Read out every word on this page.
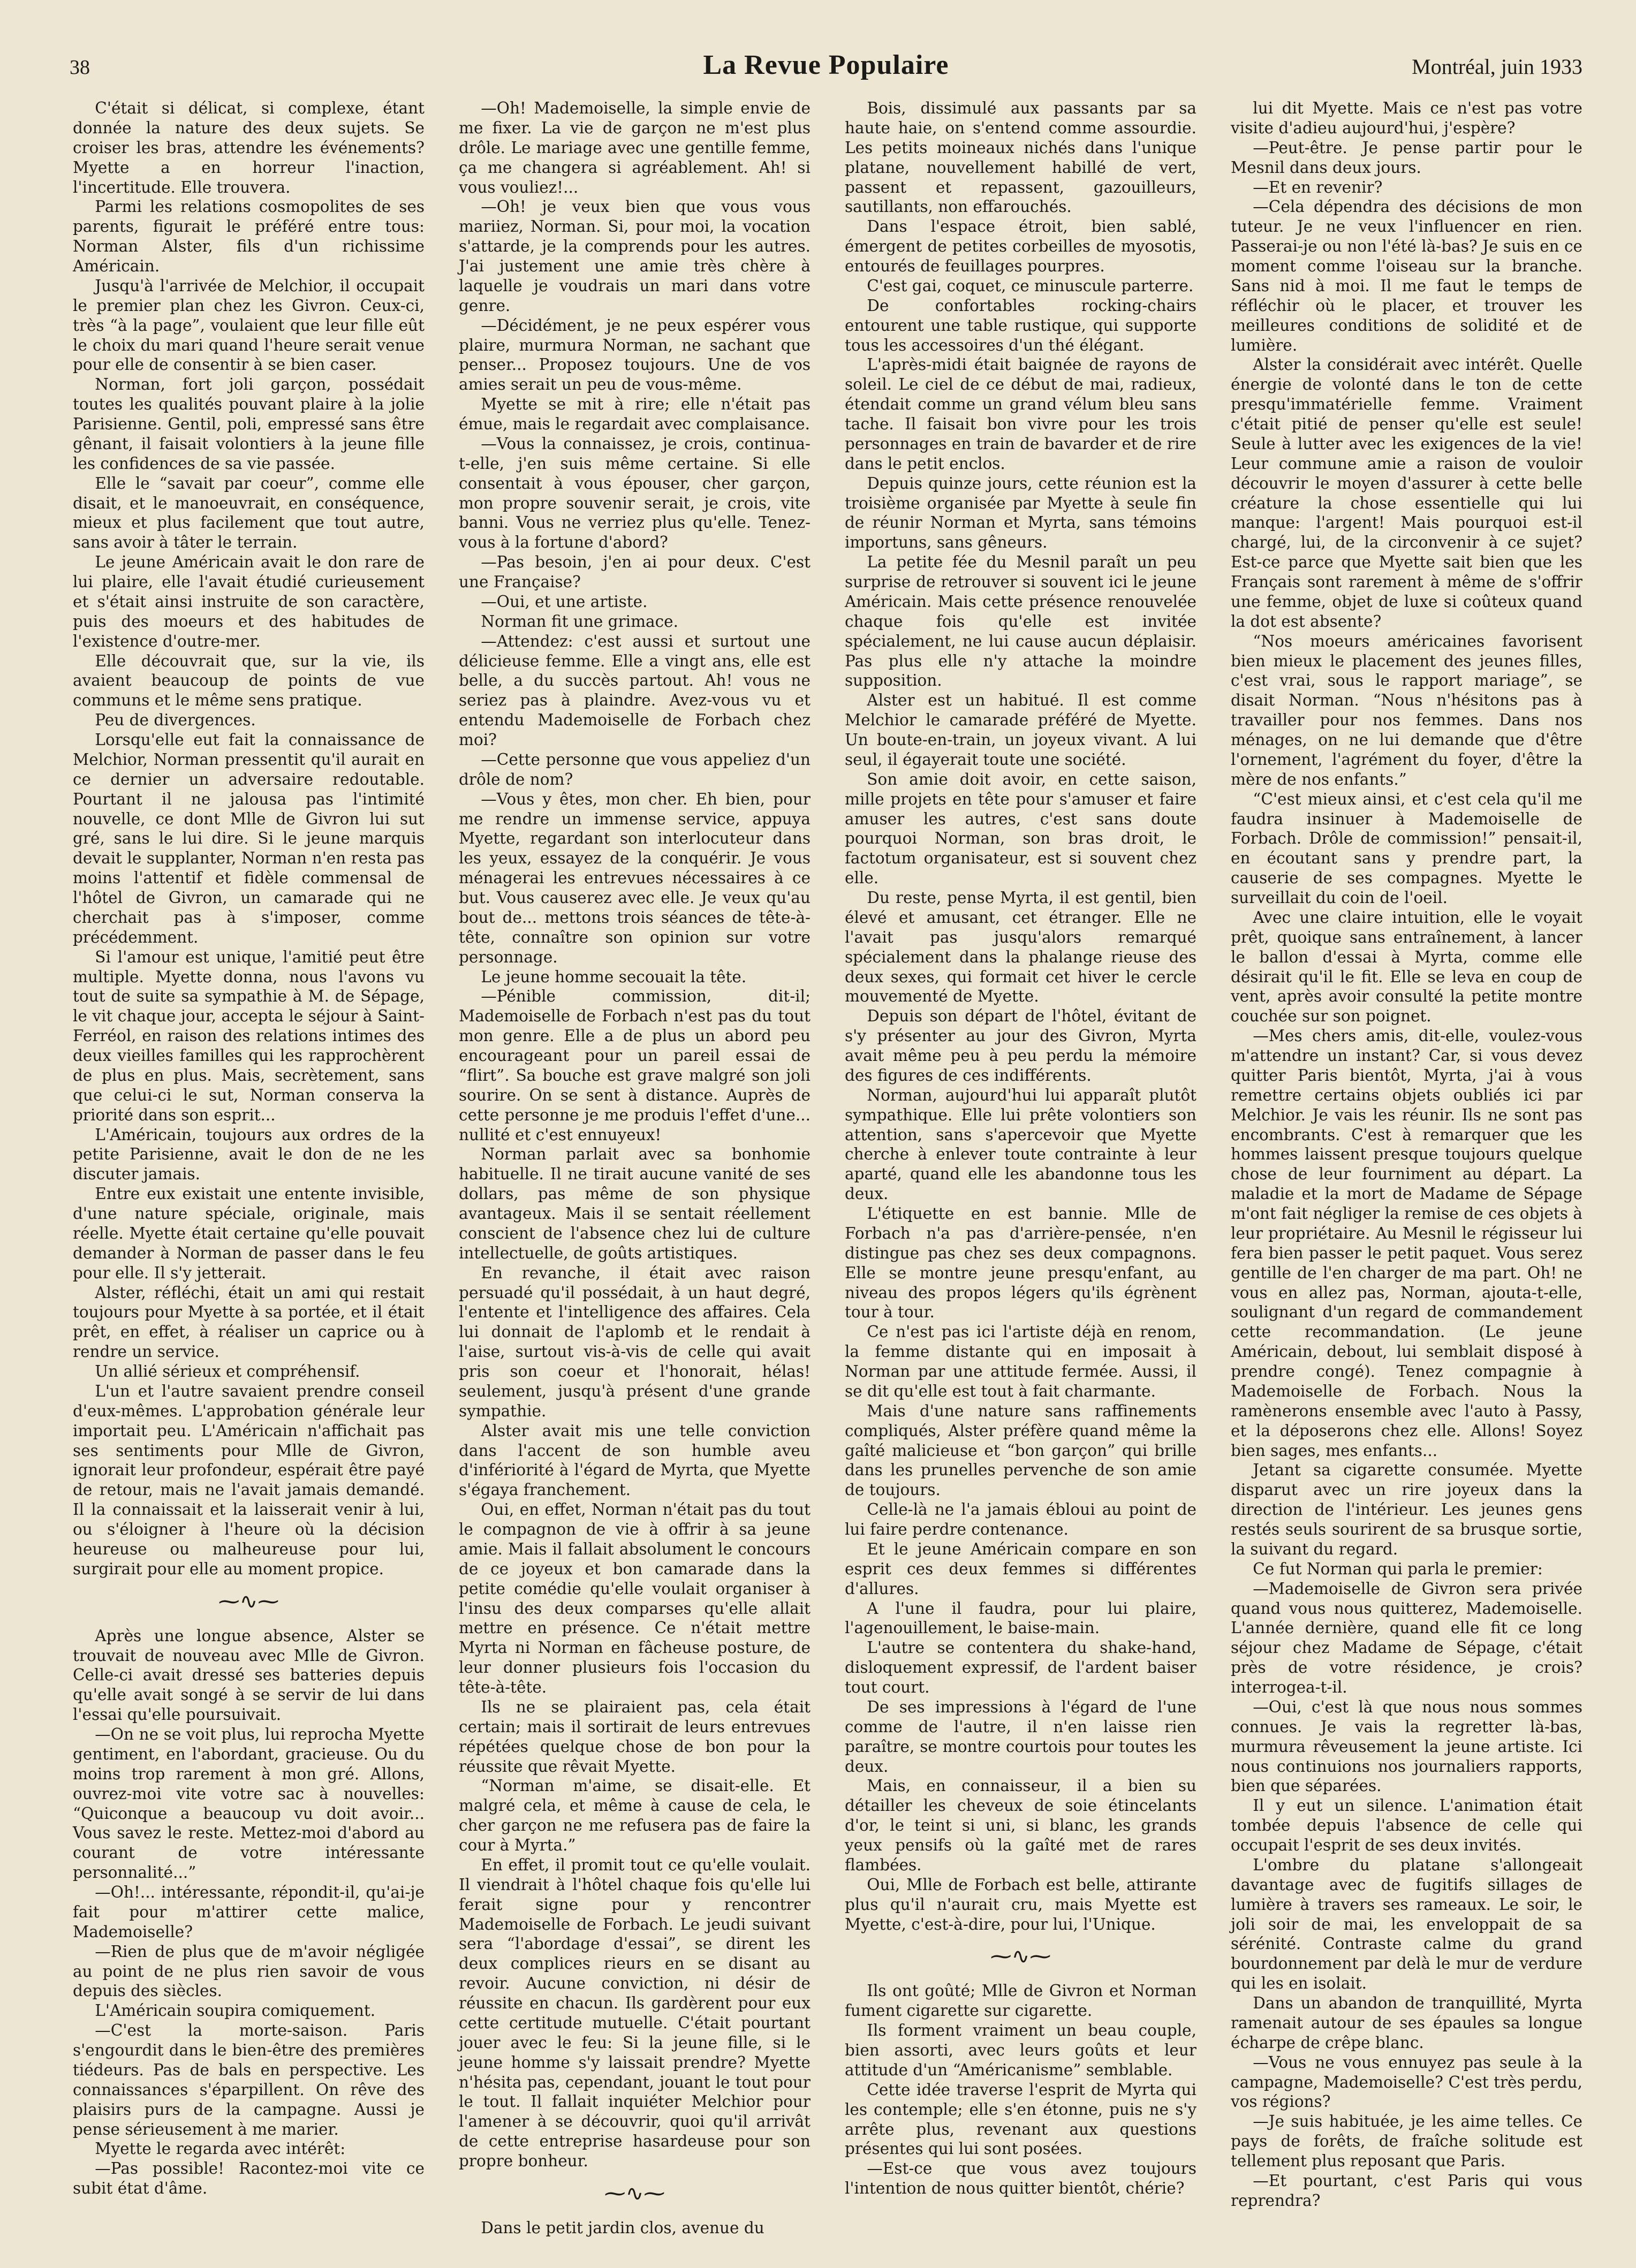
38	La Revue Populaire	Montréal, juin 1933

C'était si délicat, si complexe, étant donnée la nature des deux sujets. Se croiser les bras, attendre les événements? Myette a en horreur l'inaction, l'incertitude. Elle trouvera.

Parmi les relations cosmopolites de ses parents, figurait le préféré entre tous: Norman Alster, fils d'un richissime Américain.

Jusqu'à l'arrivée de Melchior, il occupait le premier plan chez les Givron. Ceux-ci, très “à la page”, voulaient que leur fille eût le choix du mari quand l'heure serait venue pour elle de consentir à se bien caser.

Norman, fort joli garçon, possédait toutes les qualités pouvant plaire à la jolie Parisienne. Gentil, poli, empressé sans être gênant, il faisait volontiers à la jeune fille les confidences de sa vie passée.

Elle le “savait par coeur”, comme elle disait, et le manoeuvrait, en conséquence, mieux et plus facilement que tout autre, sans avoir à tâter le terrain.

Le jeune Américain avait le don rare de lui plaire, elle l'avait étudié curieusement et s'était ainsi instruite de son caractère, puis des moeurs et des habitudes de l'existence d'outre-mer.

Elle découvrait que, sur la vie, ils avaient beaucoup de points de vue communs et le même sens pratique.

Peu de divergences.

Lorsqu'elle eut fait la connaissance de Melchior, Norman pressentit qu'il aurait en ce dernier un adversaire redoutable. Pourtant il ne jalousa pas l'intimité nouvelle, ce dont Mlle de Givron lui sut gré, sans le lui dire. Si le jeune marquis devait le supplanter, Norman n'en resta pas moins l'attentif et fidèle commensal de l'hôtel de Givron, un camarade qui ne cherchait pas à s'imposer, comme précédemment.

Si l'amour est unique, l'amitié peut être multiple. Myette donna, nous l'avons vu tout de suite sa sympathie à M. de Sépage, le vit chaque jour, accepta le séjour à Saint-Ferréol, en raison des relations intimes des deux vieilles familles qui les rapprochèrent de plus en plus. Mais, secrètement, sans que celui-ci le sut, Norman conserva la priorité dans son esprit...

L'Américain, toujours aux ordres de la petite Parisienne, avait le don de ne les discuter jamais.

Entre eux existait une entente invisible, d'une nature spéciale, originale, mais réelle. Myette était certaine qu'elle pouvait demander à Norman de passer dans le feu pour elle. Il s'y jetterait.

Alster, réfléchi, était un ami qui restait toujours pour Myette à sa portée, et il était prêt, en effet, à réaliser un caprice ou à rendre un service.

Un allié sérieux et compréhensif.

L'un et l'autre savaient prendre conseil d'eux-mêmes. L'approbation générale leur importait peu. L'Américain n'affichait pas ses sentiments pour Mlle de Givron, ignorait leur profondeur, espérait être payé de retour, mais ne l'avait jamais demandé. Il la connaissait et la laisserait venir à lui, ou s'éloigner à l'heure où la décision heureuse ou malheureuse pour lui, surgirait pour elle au moment propice.

⁓∿⁓

Après une longue absence, Alster se trouvait de nouveau avec Mlle de Givron. Celle-ci avait dressé ses batteries depuis qu'elle avait songé à se servir de lui dans l'essai qu'elle poursuivait.

—On ne se voit plus, lui reprocha Myette gentiment, en l'abordant, gracieuse. Ou du moins trop rarement à mon gré. Allons, ouvrez-moi vite votre sac à nouvelles: “Quiconque a beaucoup vu doit avoir... Vous savez le reste. Mettez-moi d'abord au courant de votre intéressante personnalité...”

—Oh!... intéressante, répondit-il, qu'ai-je fait pour m'attirer cette malice, Mademoiselle?

—Rien de plus que de m'avoir négligée au point de ne plus rien savoir de vous depuis des siècles.

L'Américain soupira comiquement.

—C'est la morte-saison. Paris s'engourdit dans le bien-être des premières tiédeurs. Pas de bals en perspective. Les connaissances s'éparpillent. On rêve des plaisirs purs de la campagne. Aussi je pense sérieusement à me marier.

Myette le regarda avec intérêt:

—Pas possible! Racontez-moi vite ce subit état d'âme.

—Oh! Mademoiselle, la simple envie de me fixer. La vie de garçon ne m'est plus drôle. Le mariage avec une gentille femme, ça me changera si agréablement. Ah! si vous vouliez!...

—Oh! je veux bien que vous vous mariiez, Norman. Si, pour moi, la vocation s'attarde, je la comprends pour les autres. J'ai justement une amie très chère à laquelle je voudrais un mari dans votre genre.

—Décidément, je ne peux espérer vous plaire, murmura Norman, ne sachant que penser... Proposez toujours. Une de vos amies serait un peu de vous-même.

Myette se mit à rire; elle n'était pas émue, mais le regardait avec complaisance.

—Vous la connaissez, je crois, continua-t-elle, j'en suis même certaine. Si elle consentait à vous épouser, cher garçon, mon propre souvenir serait, je crois, vite banni. Vous ne verriez plus qu'elle. Tenez-vous à la fortune d'abord?

—Pas besoin, j'en ai pour deux. C'est une Française?

—Oui, et une artiste.

Norman fit une grimace.

—Attendez: c'est aussi et surtout une délicieuse femme. Elle a vingt ans, elle est belle, a du succès partout. Ah! vous ne seriez pas à plaindre. Avez-vous vu et entendu Mademoiselle de Forbach chez moi?

—Cette personne que vous appeliez d'un drôle de nom?

—Vous y êtes, mon cher. Eh bien, pour me rendre un immense service, appuya Myette, regardant son interlocuteur dans les yeux, essayez de la conquérir. Je vous ménagerai les entrevues nécessaires à ce but. Vous causerez avec elle. Je veux qu'au bout de... mettons trois séances de tête-à-tête, connaître son opinion sur votre personnage.

Le jeune homme secouait la tête.

—Pénible commission, dit-il; Mademoiselle de Forbach n'est pas du tout mon genre. Elle a de plus un abord peu encourageant pour un pareil essai de “flirt”. Sa bouche est grave malgré son joli sourire. On se sent à distance. Auprès de cette personne je me produis l'effet d'une... nullité et c'est ennuyeux!

Norman parlait avec sa bonhomie habituelle. Il ne tirait aucune vanité de ses dollars, pas même de son physique avantageux. Mais il se sentait réellement conscient de l'absence chez lui de culture intellectuelle, de goûts artistiques.

En revanche, il était avec raison persuadé qu'il possédait, à un haut degré, l'entente et l'intelligence des affaires. Cela lui donnait de l'aplomb et le rendait à l'aise, surtout vis-à-vis de celle qui avait pris son coeur et l'honorait, hélas! seulement, jusqu'à présent d'une grande sympathie.

Alster avait mis une telle conviction dans l'accent de son humble aveu d'infériorité à l'égard de Myrta, que Myette s'égaya franchement.

Oui, en effet, Norman n'était pas du tout le compagnon de vie à offrir à sa jeune amie. Mais il fallait absolument le concours de ce joyeux et bon camarade dans la petite comédie qu'elle voulait organiser à l'insu des deux comparses qu'elle allait mettre en présence. Ce n'était mettre Myrta ni Norman en fâcheuse posture, de leur donner plusieurs fois l'occasion du tête-à-tête.

Ils ne se plairaient pas, cela était certain; mais il sortirait de leurs entrevues répétées quelque chose de bon pour la réussite que rêvait Myette.

“Norman m'aime, se disait-elle. Et malgré cela, et même à cause de cela, le cher garçon ne me refusera pas de faire la cour à Myrta.”

En effet, il promit tout ce qu'elle voulait. Il viendrait à l'hôtel chaque fois qu'elle lui ferait signe pour y rencontrer Mademoiselle de Forbach. Le jeudi suivant sera “l'abordage d'essai”, se dirent les deux complices rieurs en se disant au revoir. Aucune conviction, ni désir de réussite en chacun. Ils gardèrent pour eux cette certitude mutuelle. C'était pourtant jouer avec le feu: Si la jeune fille, si le jeune homme s'y laissait prendre? Myette n'hésita pas, cependant, jouant le tout pour le tout. Il fallait inquiéter Melchior pour l'amener à se découvrir, quoi qu'il arrivât de cette entreprise hasardeuse pour son propre bonheur.

⁓∿⁓

Dans le petit jardin clos, avenue du

Bois, dissimulé aux passants par sa haute haie, on s'entend comme assourdie. Les petits moineaux nichés dans l'unique platane, nouvellement habillé de vert, passent et repassent, gazouilleurs, sautillants, non effarouchés.

Dans l'espace étroit, bien sablé, émergent de petites corbeilles de myosotis, entourés de feuillages pourpres.

C'est gai, coquet, ce minuscule parterre.

De confortables rocking-chairs entourent une table rustique, qui supporte tous les accessoires d'un thé élégant.

L'après-midi était baignée de rayons de soleil. Le ciel de ce début de mai, radieux, étendait comme un grand vélum bleu sans tache. Il faisait bon vivre pour les trois personnages en train de bavarder et de rire dans le petit enclos.

Depuis quinze jours, cette réunion est la troisième organisée par Myette à seule fin de réunir Norman et Myrta, sans témoins importuns, sans gêneurs.

La petite fée du Mesnil paraît un peu surprise de retrouver si souvent ici le jeune Américain. Mais cette présence renouvelée chaque fois qu'elle est invitée spécialement, ne lui cause aucun déplaisir. Pas plus elle n'y attache la moindre supposition.

Alster est un habitué. Il est comme Melchior le camarade préféré de Myette. Un boute-en-train, un joyeux vivant. A lui seul, il égayerait toute une société.

Son amie doit avoir, en cette saison, mille projets en tête pour s'amuser et faire amuser les autres, c'est sans doute pourquoi Norman, son bras droit, le factotum organisateur, est si souvent chez elle.

Du reste, pense Myrta, il est gentil, bien élevé et amusant, cet étranger. Elle ne l'avait pas jusqu'alors remarqué spécialement dans la phalange rieuse des deux sexes, qui formait cet hiver le cercle mouvementé de Myette.

Depuis son départ de l'hôtel, évitant de s'y présenter au jour des Givron, Myrta avait même peu à peu perdu la mémoire des figures de ces indifférents.

Norman, aujourd'hui lui apparaît plutôt sympathique. Elle lui prête volontiers son attention, sans s'apercevoir que Myette cherche à enlever toute contrainte à leur aparté, quand elle les abandonne tous les deux.

L'étiquette en est bannie. Mlle de Forbach n'a pas d'arrière-pensée, n'en distingue pas chez ses deux compagnons. Elle se montre jeune presqu'enfant, au niveau des propos légers qu'ils égrènent tour à tour.

Ce n'est pas ici l'artiste déjà en renom, la femme distante qui en imposait à Norman par une attitude fermée. Aussi, il se dit qu'elle est tout à fait charmante.

Mais d'une nature sans raffinements compliqués, Alster préfère quand même la gaîté malicieuse et “bon garçon” qui brille dans les prunelles pervenche de son amie de toujours.

Celle-là ne l'a jamais ébloui au point de lui faire perdre contenance.

Et le jeune Américain compare en son esprit ces deux femmes si différentes d'allures.

A l'une il faudra, pour lui plaire, l'agenouillement, le baise-main.

L'autre se contentera du shake-hand, disloquement expressif, de l'ardent baiser tout court.

De ses impressions à l'égard de l'une comme de l'autre, il n'en laisse rien paraître, se montre courtois pour toutes les deux.

Mais, en connaisseur, il a bien su détailler les cheveux de soie étincelants d'or, le teint si uni, si blanc, les grands yeux pensifs où la gaîté met de rares flambées.

Oui, Mlle de Forbach est belle, attirante plus qu'il n'aurait cru, mais Myette est Myette, c'est-à-dire, pour lui, l'Unique.

⁓∿⁓

Ils ont goûté; Mlle de Givron et Norman fument cigarette sur cigarette.

Ils forment vraiment un beau couple, bien assorti, avec leurs goûts et leur attitude d'un “Américanisme” semblable.

Cette idée traverse l'esprit de Myrta qui les contemple; elle s'en étonne, puis ne s'y arrête plus, revenant aux questions présentes qui lui sont posées.

—Est-ce que vous avez toujours l'intention de nous quitter bientôt, chérie?

lui dit Myette. Mais ce n'est pas votre visite d'adieu aujourd'hui, j'espère?

—Peut-être. Je pense partir pour le Mesnil dans deux jours.

—Et en revenir?

—Cela dépendra des décisions de mon tuteur. Je ne veux l'influencer en rien. Passerai-je ou non l'été là-bas? Je suis en ce moment comme l'oiseau sur la branche. Sans nid à moi. Il me faut le temps de réfléchir où le placer, et trouver les meilleures conditions de solidité et de lumière.

Alster la considérait avec intérêt. Quelle énergie de volonté dans le ton de cette presqu'immatérielle femme. Vraiment c'était pitié de penser qu'elle est seule! Seule à lutter avec les exigences de la vie! Leur commune amie a raison de vouloir découvrir le moyen d'assurer à cette belle créature la chose essentielle qui lui manque: l'argent! Mais pourquoi est-il chargé, lui, de la circonvenir à ce sujet? Est-ce parce que Myette sait bien que les Français sont rarement à même de s'offrir une femme, objet de luxe si coûteux quand la dot est absente?

“Nos moeurs américaines favorisent bien mieux le placement des jeunes filles, c'est vrai, sous le rapport mariage”, se disait Norman. “Nous n'hésitons pas à travailler pour nos femmes. Dans nos ménages, on ne lui demande que d'être l'ornement, l'agrément du foyer, d'être la mère de nos enfants.”

“C'est mieux ainsi, et c'est cela qu'il me faudra insinuer à Mademoiselle de Forbach. Drôle de commission!” pensait-il, en écoutant sans y prendre part, la causerie de ses compagnes. Myette le surveillait du coin de l'oeil.

Avec une claire intuition, elle le voyait prêt, quoique sans entraînement, à lancer le ballon d'essai à Myrta, comme elle désirait qu'il le fit. Elle se leva en coup de vent, après avoir consulté la petite montre couchée sur son poignet.

—Mes chers amis, dit-elle, voulez-vous m'attendre un instant? Car, si vous devez quitter Paris bientôt, Myrta, j'ai à vous remettre certains objets oubliés ici par Melchior. Je vais les réunir. Ils ne sont pas encombrants. C'est à remarquer que les hommes laissent presque toujours quelque chose de leur fourniment au départ. La maladie et la mort de Madame de Sépage m'ont fait négliger la remise de ces objets à leur propriétaire. Au Mesnil le régisseur lui fera bien passer le petit paquet. Vous serez gentille de l'en charger de ma part. Oh! ne vous en allez pas, Norman, ajouta-t-elle, soulignant d'un regard de commandement cette recommandation. (Le jeune Américain, debout, lui semblait disposé à prendre congé). Tenez compagnie à Mademoiselle de Forbach. Nous la ramènerons ensemble avec l'auto à Passy, et la déposerons chez elle. Allons! Soyez bien sages, mes enfants...

Jetant sa cigarette consumée. Myette disparut avec un rire joyeux dans la direction de l'intérieur. Les jeunes gens restés seuls sourirent de sa brusque sortie, la suivant du regard.

Ce fut Norman qui parla le premier:

—Mademoiselle de Givron sera privée quand vous nous quitterez, Mademoiselle. L'année dernière, quand elle fit ce long séjour chez Madame de Sépage, c'était près de votre résidence, je crois? interrogea-t-il.

—Oui, c'est là que nous nous sommes connues. Je vais la regretter là-bas, murmura rêveusement la jeune artiste. Ici nous continuions nos journaliers rapports, bien que séparées.

Il y eut un silence. L'animation était tombée depuis l'absence de celle qui occupait l'esprit de ses deux invités.

L'ombre du platane s'allongeait davantage avec de fugitifs sillages de lumière à travers ses rameaux. Le soir, le joli soir de mai, les enveloppait de sa sérénité. Contraste calme du grand bourdonnement par delà le mur de verdure qui les en isolait.

Dans un abandon de tranquillité, Myrta ramenait autour de ses épaules sa longue écharpe de crêpe blanc.

—Vous ne vous ennuyez pas seule à la campagne, Mademoiselle? C'est très perdu, vos régions?

—Je suis habituée, je les aime telles. Ce pays de forêts, de fraîche solitude est tellement plus reposant que Paris.

—Et pourtant, c'est Paris qui vous reprendra?
